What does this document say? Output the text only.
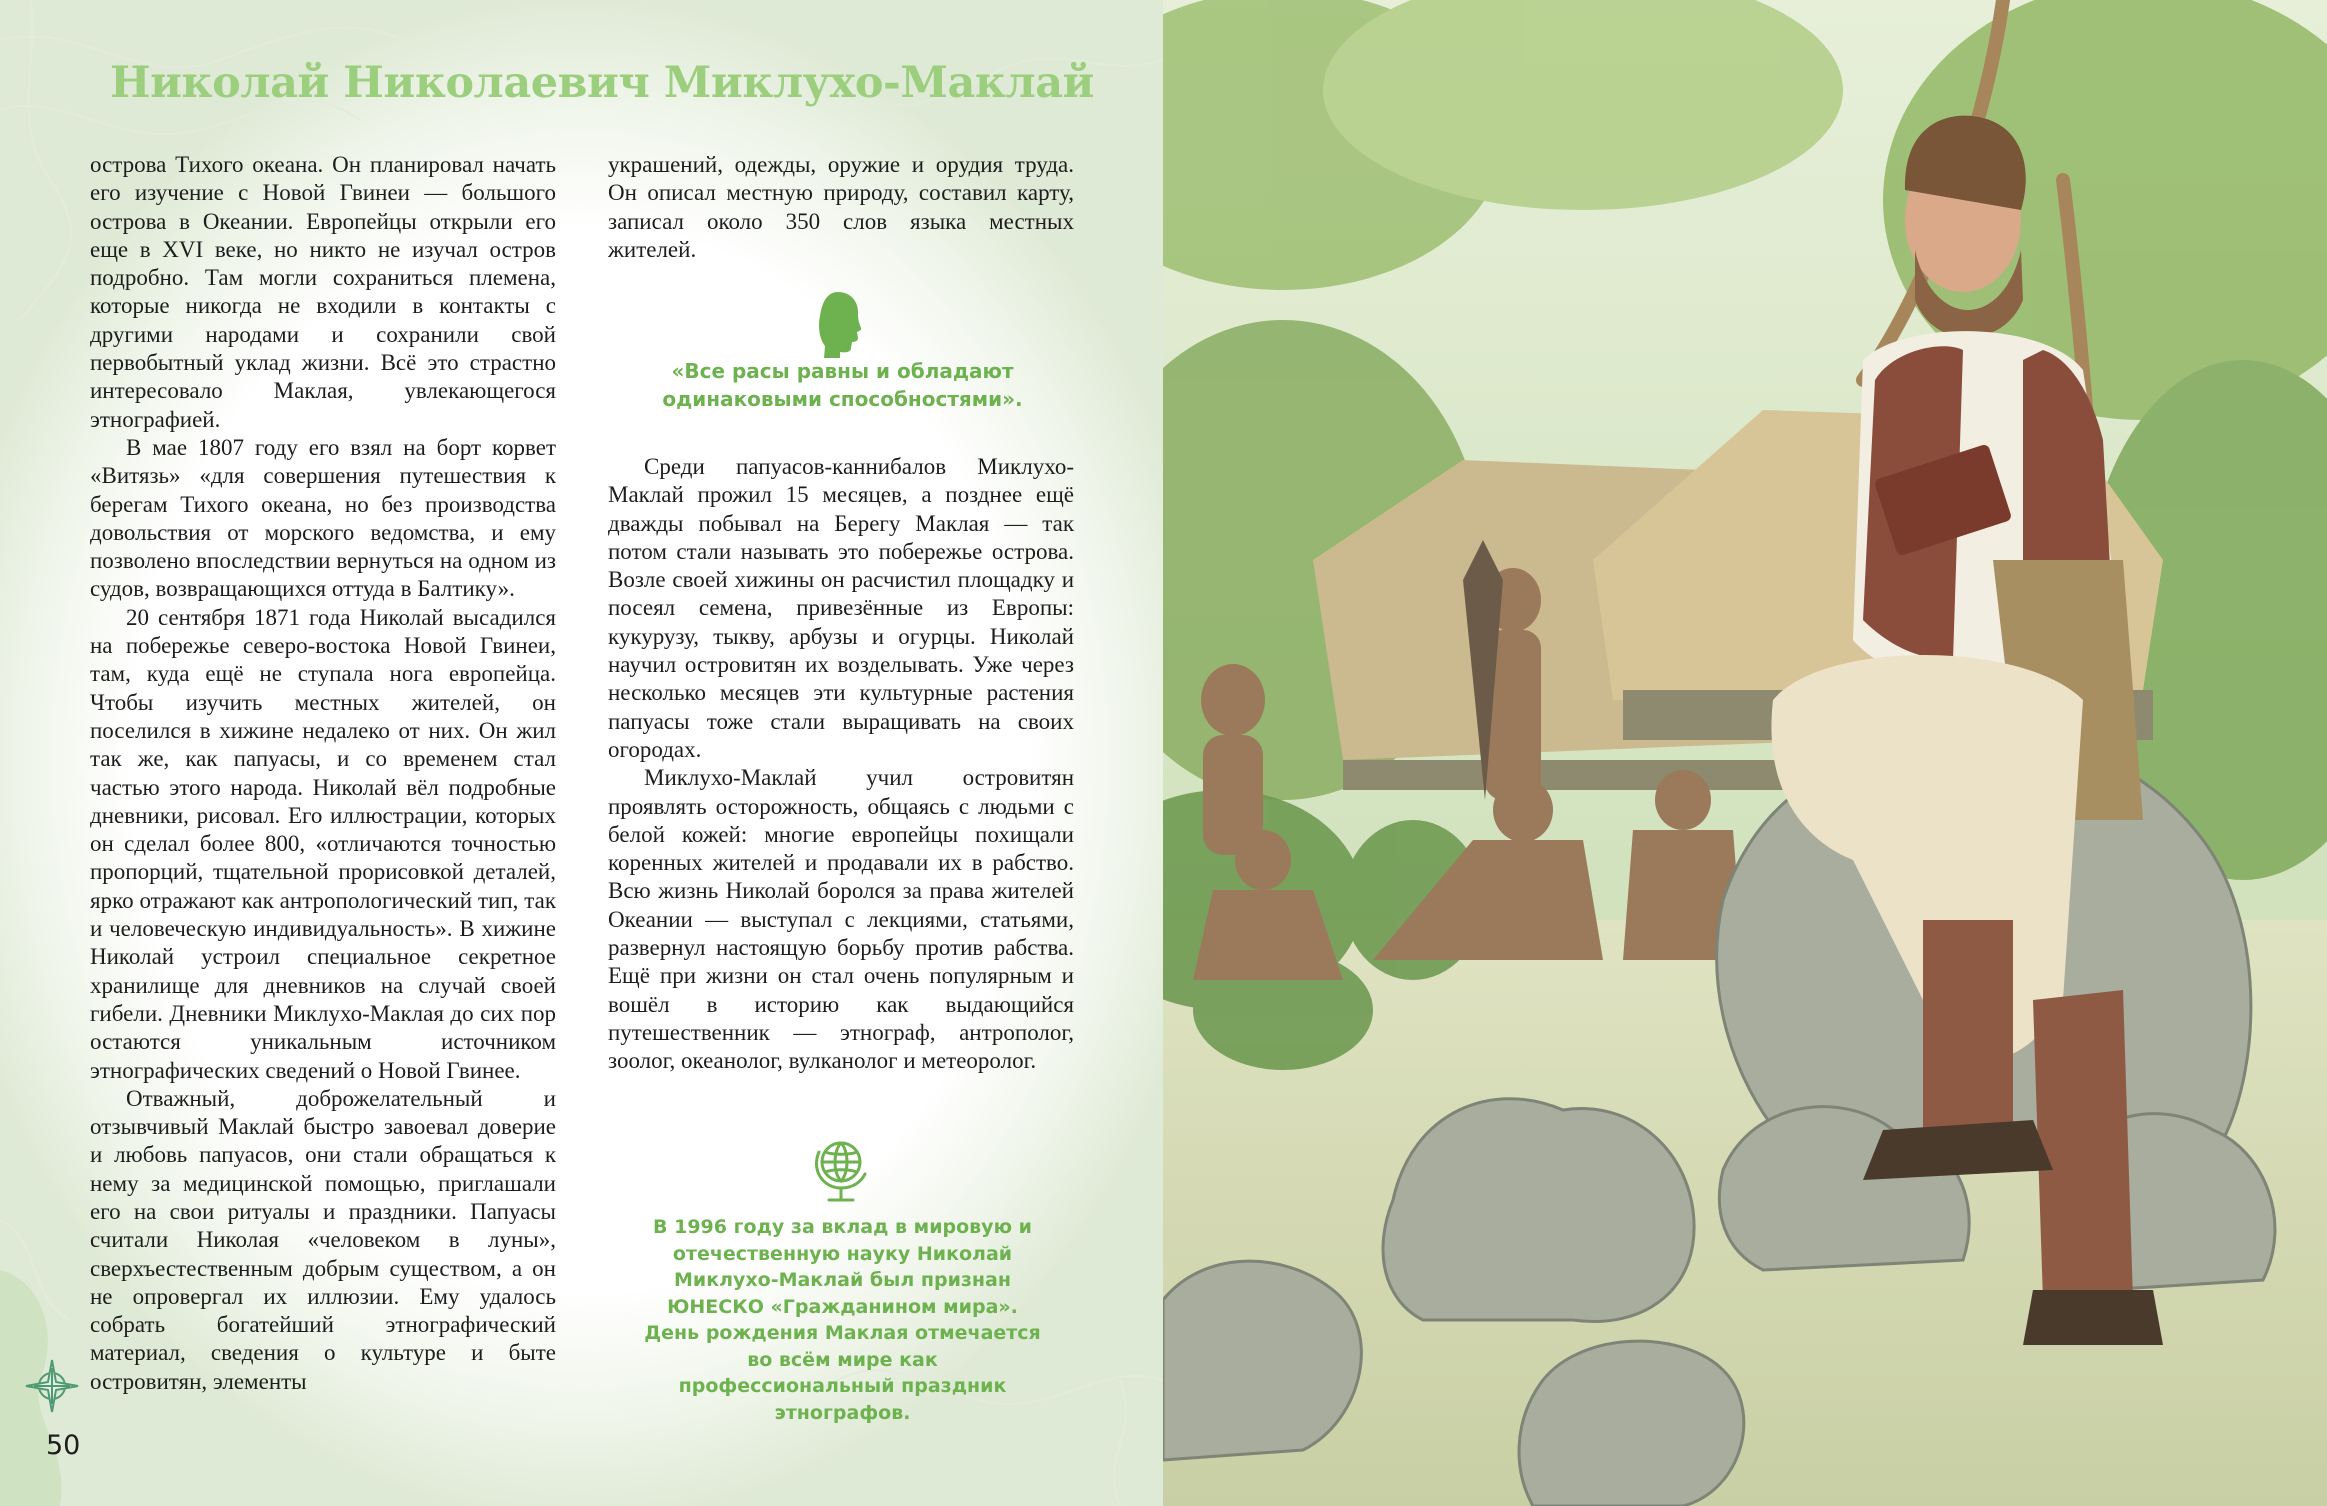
Николай Николаевич Миклухо-Маклай

острова Тихого океана. Он планировал начать его изучение с Новой Гвинеи — большого острова в Океании. Европейцы открыли его еще в XVI веке, но никто не изучал остров подробно. Там могли сохраниться племена, которые никогда не входили в контакты с другими народами и сохранили свой первобытный уклад жизни. Всё это страстно интересовало Маклая, увлекающегося этнографией.

В мае 1807 году его взял на борт корвет «Витязь» «для совершения путешествия к берегам Тихого океана, но без производства довольствия от морского ведомства, и ему позволено впоследствии вернуться на одном из судов, возвращающихся оттуда в Балтику».

20 сентября 1871 года Николай высадился на побережье северо-востока Новой Гвинеи, там, куда ещё не ступала нога европейца. Чтобы изучить местных жителей, он поселился в хижине недалеко от них. Он жил так же, как папуасы, и со временем стал частью этого народа. Николай вёл подробные дневники, рисовал. Его иллюстрации, которых он сделал более 800, «отличаются точностью пропорций, тщательной прорисовкой деталей, ярко отражают как антропологический тип, так и человеческую индивидуальность». В хижине Николай устроил специальное секретное хранилище для дневников на случай своей гибели. Дневники Миклухо-Маклая до сих пор остаются уникальным источником этнографических сведений о Новой Гвинее.

Отважный, доброжелательный и отзывчивый Маклай быстро завоевал доверие и любовь папуасов, они стали обращаться к нему за медицинской помощью, приглашали его на свои ритуалы и праздники. Папуасы считали Николая «человеком в луны», сверхъестественным добрым существом, а он не опровергал их иллюзии. Ему удалось собрать богатейший этнографический материал, сведения о культуре и быте островитян, элементы

украшений, одежды, оружие и орудия труда. Он описал местную природу, составил карту, записал около 350 слов языка местных жителей.

«Все расы равны и обладают одинаковыми способностями».

Среди папуасов-каннибалов Миклухо-Маклай прожил 15 месяцев, а позднее ещё дважды побывал на Берегу Маклая — так потом стали называть это побережье острова. Возле своей хижины он расчистил площадку и посеял семена, привезённые из Европы: кукурузу, тыкву, арбузы и огурцы. Николай научил островитян их возделывать. Уже через несколько месяцев эти культурные растения папуасы тоже стали выращивать на своих огородах.

Миклухо-Маклай учил островитян проявлять осторожность, общаясь с людьми с белой кожей: многие европейцы похищали коренных жителей и продавали их в рабство. Всю жизнь Николай боролся за права жителей Океании — выступал с лекциями, статьями, развернул настоящую борьбу против рабства. Ещё при жизни он стал очень популярным и вошёл в историю как выдающийся путешественник — этнограф, антрополог, зоолог, океанолог, вулканолог и метеоролог.

В 1996 году за вклад в мировую и отечественную науку Николай Миклухо-Маклай был признан ЮНЕСКО «Гражданином мира». День рождения Маклая отмечается во всём мире как профессиональный праздник этнографов.

50
